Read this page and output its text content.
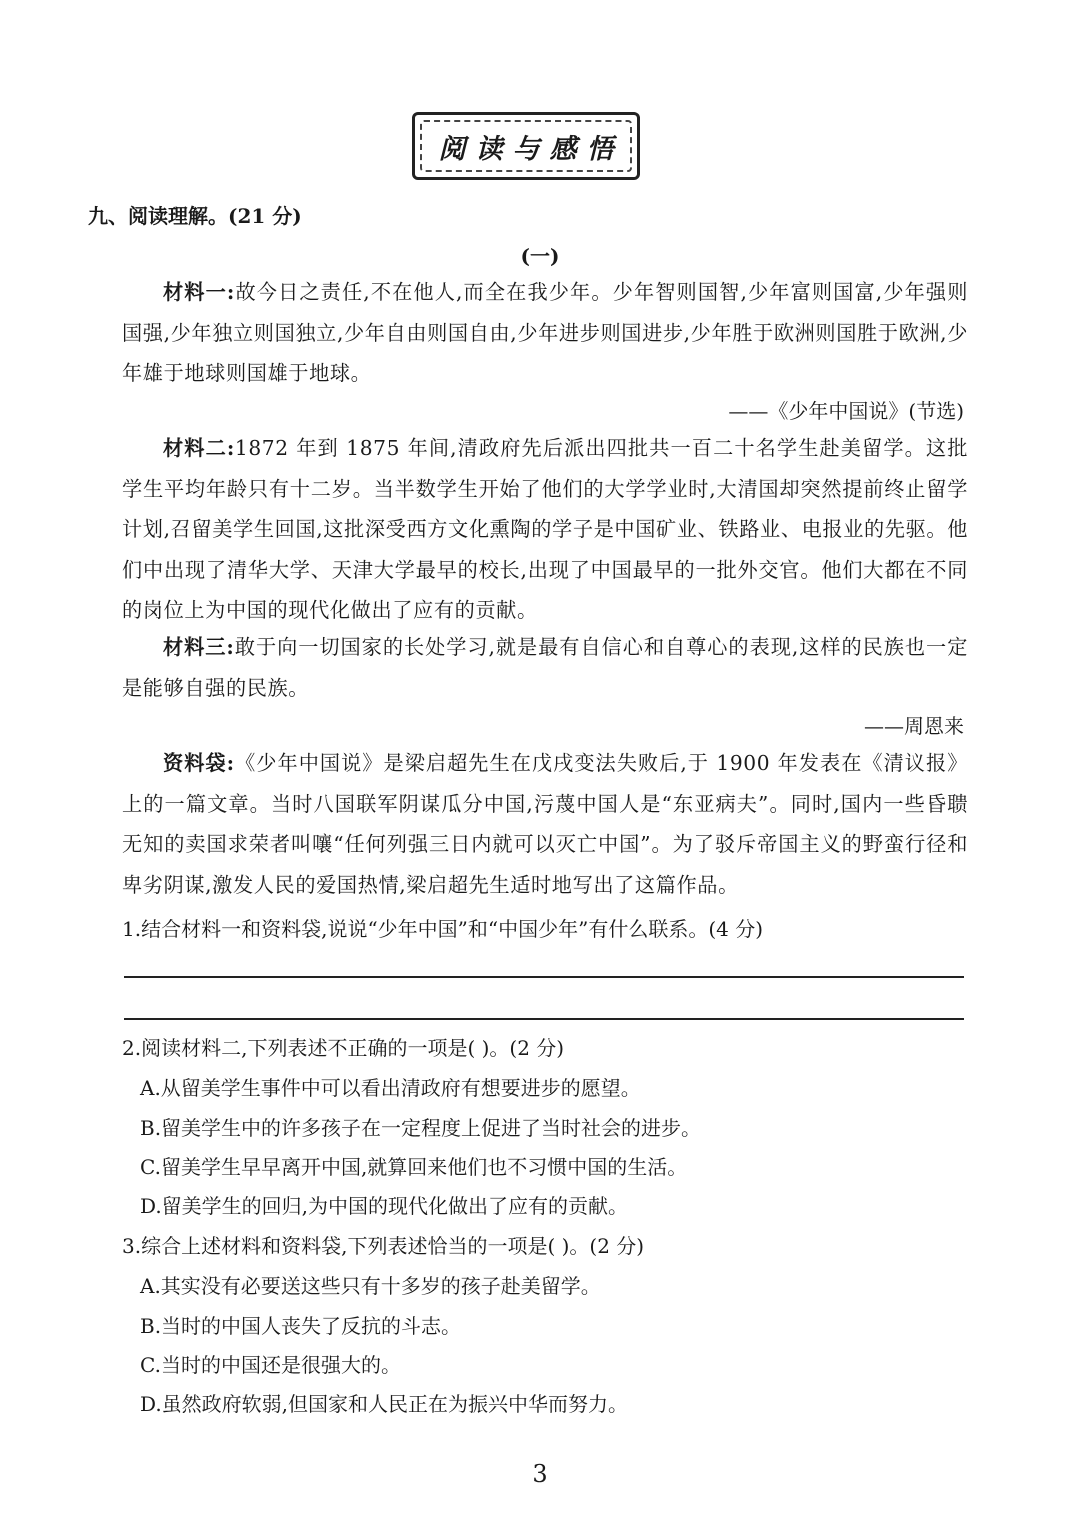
阅读与感悟
九、阅读理解。(21 分)
(一)
材料一:故今日之责任,不在他人,而全在我少年。少年智则国智,少年富则国富,少年强则国强,少年独立则国独立,少年自由则国自由,少年进步则国进步,少年胜于欧洲则国胜于欧洲,少年雄于地球则国雄于地球。
——《少年中国说》(节选)
材料二:1872 年到 1875 年间,清政府先后派出四批共一百二十名学生赴美留学。这批学生平均年龄只有十二岁。当半数学生开始了他们的大学学业时,大清国却突然提前终止留学计划,召留美学生回国,这批深受西方文化熏陶的学子是中国矿业、铁路业、电报业的先驱。他们中出现了清华大学、天津大学最早的校长,出现了中国最早的一批外交官。他们大都在不同的岗位上为中国的现代化做出了应有的贡献。
材料三:敢于向一切国家的长处学习,就是最有自信心和自尊心的表现,这样的民族也一定是能够自强的民族。
——周恩来
资料袋:《少年中国说》是梁启超先生在戊戌变法失败后,于 1900 年发表在《清议报》上的一篇文章。当时八国联军阴谋瓜分中国,污蔑中国人是“东亚病夫”。同时,国内一些昏聩无知的卖国求荣者叫嚷“任何列强三日内就可以灭亡中国”。为了驳斥帝国主义的野蛮行径和卑劣阴谋,激发人民的爱国热情,梁启超先生适时地写出了这篇作品。
1.结合材料一和资料袋,说说“少年中国”和“中国少年”有什么联系。(4 分)
2.阅读材料二,下列表述不正确的一项是( )。(2 分)
A.从留美学生事件中可以看出清政府有想要进步的愿望。
B.留美学生中的许多孩子在一定程度上促进了当时社会的进步。
C.留美学生早早离开中国,就算回来他们也不习惯中国的生活。
D.留美学生的回归,为中国的现代化做出了应有的贡献。
3.综合上述材料和资料袋,下列表述恰当的一项是( )。(2 分)
A.其实没有必要送这些只有十多岁的孩子赴美留学。
B.当时的中国人丧失了反抗的斗志。
C.当时的中国还是很强大的。
D.虽然政府软弱,但国家和人民正在为振兴中华而努力。
3
